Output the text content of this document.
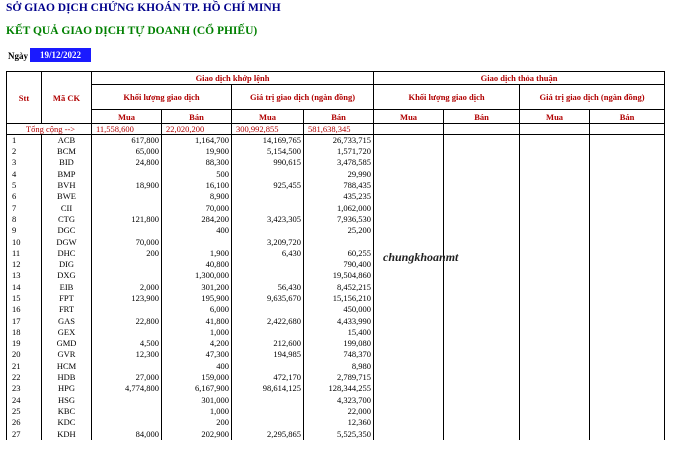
SỞ GIAO DỊCH CHỨNG KHOÁN TP. HỒ CHÍ MINH
KẾT QUẢ GIAO DỊCH TỰ DOANH (CỔ PHIẾU)
Ngày	19/12/2022
Stt	Mã CK	Giao dịch khớp lệnh				Giao dịch thỏa thuận			
		Khối lượng giao dịch		Giá trị giao dịch (ngàn đồng)		Khối lượng giao dịch		Giá trị giao dịch (ngàn đồng)	
		Mua	Bán	Mua	Bán	Mua	Bán	Mua	Bán
Tổng cộng -->		11,558,600	22,020,200	300,992,855	581,638,345				
1	ACB	617,800	1,164,700	14,169,765	26,733,715				
2	BCM	65,000	19,900	5,154,500	1,571,720				
3	BID	24,800	88,300	990,615	3,478,585				
4	BMP		500		29,990				
5	BVH	18,900	16,100	925,455	788,435				
6	BWE		8,900		435,235				
7	CII		70,000		1,062,000				
8	CTG	121,800	284,200	3,423,305	7,936,530				
9	DGC		400		25,200				
10	DGW	70,000		3,209,720					
11	DHC	200	1,900	6,430	60,255				
12	DIG		40,800		790,400				
13	DXG		1,300,000		19,504,860				
14	EIB	2,000	301,200	56,430	8,452,215				
15	FPT	123,900	195,900	9,635,670	15,156,210				
16	FRT		6,000		450,000				
17	GAS	22,800	41,800	2,422,680	4,433,990				
18	GEX		1,000		15,400				
19	GMD	4,500	4,200	212,600	199,080				
20	GVR	12,300	47,300	194,985	748,370				
21	HCM		400		8,980				
22	HDB	27,000	159,000	472,170	2,789,715				
23	HPG	4,774,800	6,167,900	98,614,125	128,344,255				
24	HSG		301,000		4,323,700				
25	KBC		1,000		22,000				
26	KDC		200		12,360				
27	KDH	84,000	202,900	2,295,865	5,525,350				
chungkhoanmt
